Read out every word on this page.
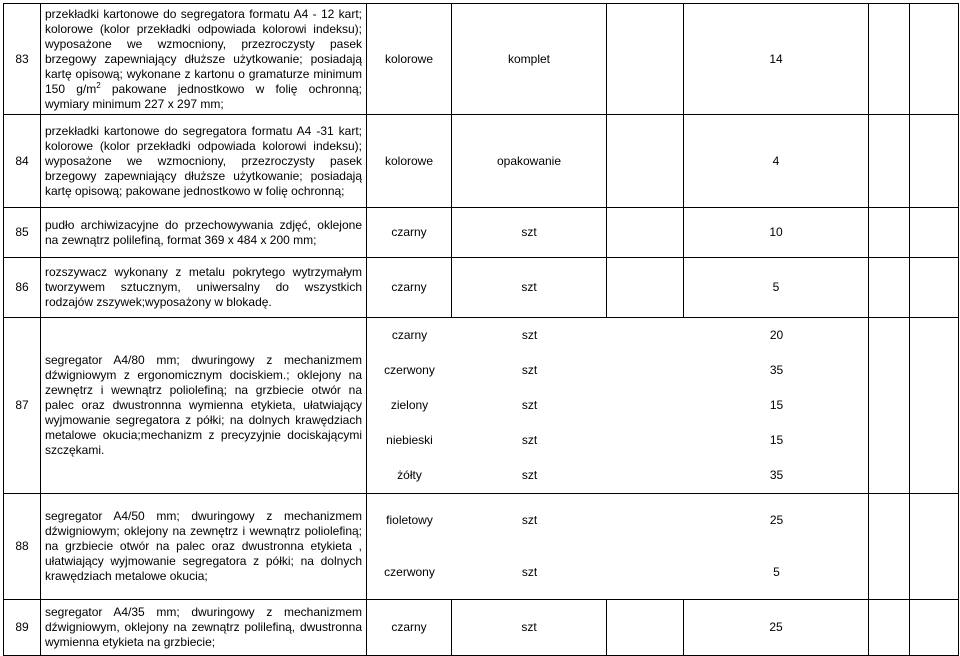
83	przekładki kartonowe do segregatora formatu A4 - 12 kart; kolorowe (kolor przekładki odpowiada kolorowi indeksu); wyposażone we wzmocniony, przezroczysty pasek brzegowy zapewniający dłuższe użytkowanie; posiadają kartę opisową; wykonane z kartonu o gramaturze minimum 150 $g/m^2$ pakowane jednostkowo w folię ochronną; wymiary minimum 227 x 297 mm;	kolorowe	komplet		14		
84	przekładki kartonowe do segregatora formatu A4 -31 kart; kolorowe (kolor przekładki odpowiada kolorowi indeksu); wyposażone we wzmocniony, przezroczysty pasek brzegowy zapewniający dłuższe użytkowanie; posiadają kartę opisową; pakowane jednostkowo w folię ochronną;	kolorowe	opakowanie		4		
85	pudło archiwizacyjne do przechowywania zdjęć, oklejone na zewnątrz polilefiną, format 369 x 484 x 200 mm;	czarny	szt		10		
86	rozszywacz wykonany z metalu pokrytego wytrzymałym tworzywem sztucznym, uniwersalny do wszystkich rodzajów zszywek;wyposażony w blokadę.	czarny	szt		5		
87	segregator A4/80 mm; dwuringowy z mechanizmem dźwigniowym z ergonomicznym dociskiem.; oklejony na zewnętrz i wewnątrz poliolefiną; na grzbiecie otwór na palec oraz dwustronnna wymienna etykieta, ułatwiający wyjmowanie segregatora z półki; na dolnych krawędziach metalowe okucia;mechanizm z precyzyjnie dociskającymi szczękami.	
czarny	szt		20
czerwony	szt		35
zielony	szt		15
niebieski	szt		15
żółty	szt		35

88	segregator A4/50 mm; dwuringowy z mechanizmem dźwigniowym; oklejony na zewnętrz i wewnątrz poliolefiną; na grzbiecie otwór na palec oraz dwustronna etykieta , ułatwiający wyjmowanie segregatora z półki; na dolnych krawędziach metalowe okucia;	
fioletowy	szt		25
czerwony	szt		5

89	segregator A4/35 mm; dwuringowy z mechanizmem dźwigniowym, oklejony na zewnątrz polilefiną, dwustronna wymienna etykieta na grzbiecie;	czarny	szt		25		
